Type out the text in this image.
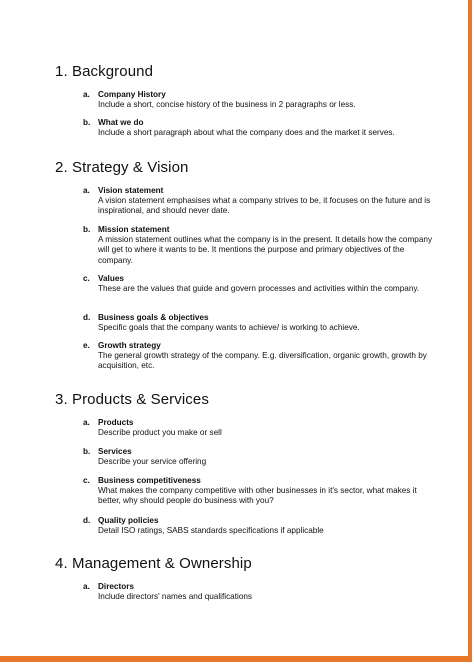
1. Background
a. Company History
Include a short, concise history of the business in 2 paragraphs or less.
b. What we do
Include a short paragraph about what the company does and the market it serves.
2. Strategy & Vision
a. Vision statement
A vision statement emphasises what a company strives to be, it focuses on the future and is inspirational, and should never date.
b. Mission statement
A mission statement outlines what the company is in the present. It details how the company will get to where it wants to be. It mentions the purpose and primary objectives of the company.
c. Values
These are the values that guide and govern processes and activities within the company.
d. Business goals & objectives
Specific goals that the company wants to achieve/ is working to achieve.
e. Growth strategy
The general growth strategy of the company. E.g. diversification, organic growth, growth by acquisition, etc.
3. Products & Services
a. Products
Describe product you make or sell
b. Services
Describe your service offering
c. Business competitiveness
What makes the company competitive with other businesses in it's sector, what makes it better, why should people do business with you?
d. Quality policies
Detail ISO ratings, SABS standards specifications if applicable
4. Management & Ownership
a. Directors
Include directors' names and qualifications
